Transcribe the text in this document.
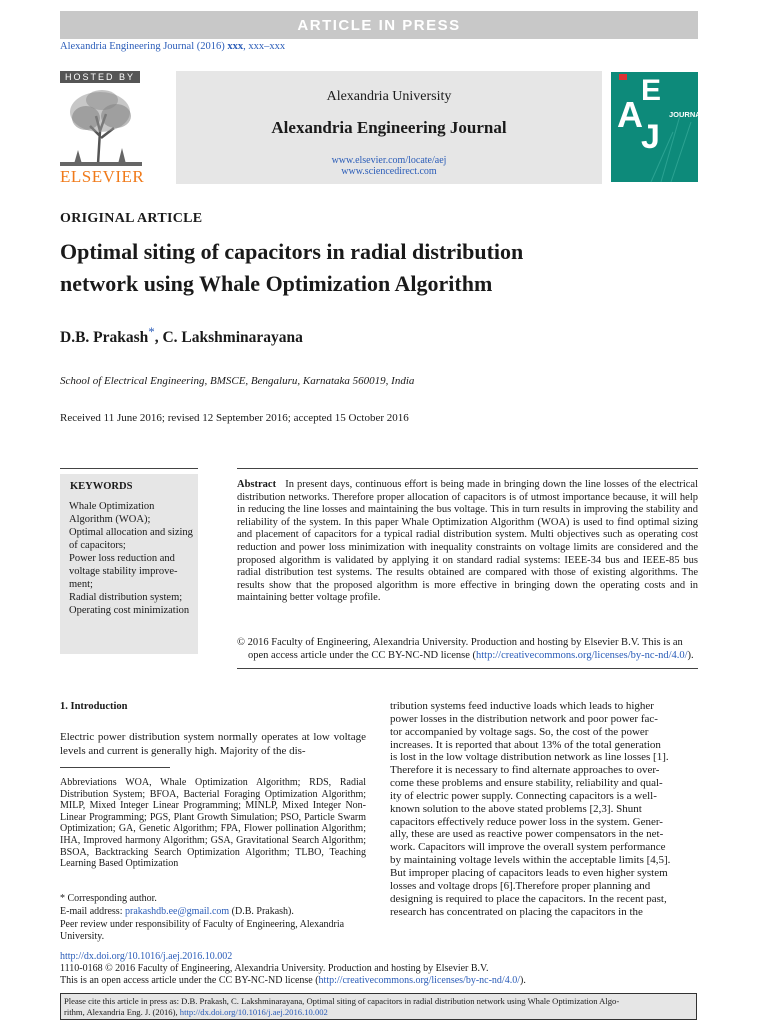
ARTICLE IN PRESS
Alexandria Engineering Journal (2016) xxx, xxx–xxx
HOSTED BY
ELSEVIER
Alexandria University
Alexandria Engineering Journal
www.elsevier.com/locate/aej
www.sciencedirect.com
E
A
J
JOURNAL
ORIGINAL ARTICLE
Optimal siting of capacitors in radial distribution
network using Whale Optimization Algorithm
D.B. Prakash*, C. Lakshminarayana
School of Electrical Engineering, BMSCE, Bengaluru, Karnataka 560019, India
Received 11 June 2016; revised 12 September 2016; accepted 15 October 2016
KEYWORDS
Whale Optimization
Algorithm (WOA);
Optimal allocation and sizing
of capacitors;
Power loss reduction and
voltage stability improve-
ment;
Radial distribution system;
Operating cost minimization
Abstract In present days, continuous effort is being made in bringing down the line losses of the electrical distribution networks. Therefore proper allocation of capacitors is of utmost importance because, it will help in reducing the line losses and maintaining the bus voltage. This in turn results in improving the stability and reliability of the system. In this paper Whale Optimization Algorithm (WOA) is used to find optimal sizing and placement of capacitors for a typical radial distribution system. Multi objectives such as operating cost reduction and power loss minimization with inequality constraints on voltage limits are considered and the proposed algorithm is validated by applying it on standard radial systems: IEEE-34 bus and IEEE-85 bus radial distribution test systems. The results obtained are compared with those of existing algorithms. The results show that the proposed algorithm is more effective in bringing down the operating costs and in maintaining better voltage profile.
© 2016 Faculty of Engineering, Alexandria University. Production and hosting by Elsevier B.V. This is an
open access article under the CC BY-NC-ND license (http://creativecommons.org/licenses/by-nc-nd/4.0/).
1. Introduction
Electric power distribution system normally operates at low voltage levels and current is generally high. Majority of the dis-
tribution systems feed inductive loads which leads to higher
power losses in the distribution network and poor power fac-
tor accompanied by voltage sags. So, the cost of the power
increases. It is reported that about 13% of the total generation
is lost in the low voltage distribution network as line losses [1].
Therefore it is necessary to find alternate approaches to over-
come these problems and ensure stability, reliability and qual-
ity of electric power supply. Connecting capacitors is a well-
known solution to the above stated problems [2,3]. Shunt
capacitors effectively reduce power loss in the system. Gener-
ally, these are used as reactive power compensators in the net-
work. Capacitors will improve the overall system performance
by maintaining voltage levels within the acceptable limits [4,5].
But improper placing of capacitors leads to even higher system
losses and voltage drops [6].Therefore proper planning and
designing is required to place the capacitors. In the recent past,
research has concentrated on placing the capacitors in the
Abbreviations WOA, Whale Optimization Algorithm; RDS, Radial Distribution System; BFOA, Bacterial Foraging Optimization Algorithm; MILP, Mixed Integer Linear Programming; MINLP, Mixed Integer Non-Linear Programming; PGS, Plant Growth Simulation; PSO, Particle Swarm Optimization; GA, Genetic Algorithm; FPA, Flower pollination Algorithm; IHA, Improved harmony Algorithm; GSA, Gravitational Search Algorithm; BSOA, Backtracking Search Optimization Algorithm; TLBO, Teaching Learning Based Optimization
* Corresponding author.
E-mail address: prakashdb.ee@gmail.com (D.B. Prakash).
Peer review under responsibility of Faculty of Engineering, Alexandria University.
http://dx.doi.org/10.1016/j.aej.2016.10.002
1110-0168 © 2016 Faculty of Engineering, Alexandria University. Production and hosting by Elsevier B.V.
This is an open access article under the CC BY-NC-ND license (http://creativecommons.org/licenses/by-nc-nd/4.0/).
Please cite this article in press as: D.B. Prakash, C. Lakshminarayana, Optimal siting of capacitors in radial distribution network using Whale Optimization Algo-
rithm, Alexandria Eng. J. (2016), http://dx.doi.org/10.1016/j.aej.2016.10.002
